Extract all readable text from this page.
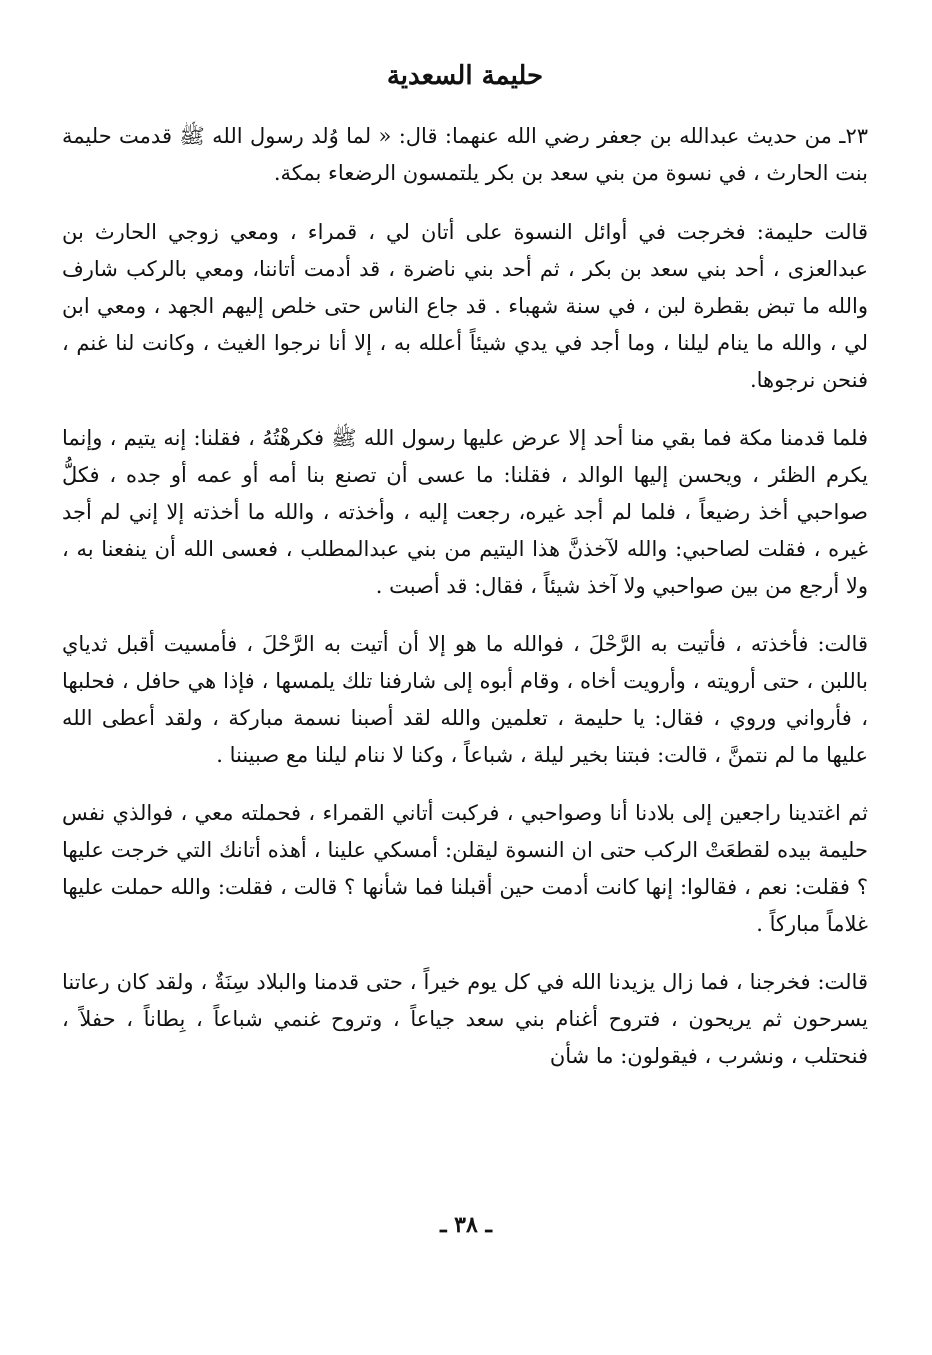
حليمة السعدية

٢٣ـ من حديث عبدالله بن جعفر رضي الله عنهما: قال: « لما وُلد رسول الله ﷺ قدمت حليمة بنت الحارث ، في نسوة من بني سعد بن بكر يلتمسون الرضعاء بمكة.

قالت حليمة: فخرجت في أوائل النسوة على أتان لي ، قمراء ، ومعي زوجي الحارث بن عبدالعزى ، أحد بني سعد بن بكر ، ثم أحد بني ناضرة ، قد أدمت أتاننا، ومعي بالركب شارف والله ما تبض بقطرة لبن ، في سنة شهباء . قد جاع الناس حتى خلص إليهم الجهد ، ومعي ابن لي ، والله ما ينام ليلنا ، وما أجد في يدي شيئاً أعلله به ، إلا أنا نرجوا الغيث ، وكانت لنا غنم ، فنحن نرجوها.

فلما قدمنا مكة فما بقي منا أحد إلا عرض عليها رسول الله ﷺ فكرهْتُهُ ، فقلنا: إنه يتيم ، وإنما يكرم الظئر ، ويحسن إليها الوالد ، فقلنا: ما عسى أن تصنع بنا أمه أو عمه أو جده ، فكلُّ صواحبي أخذ رضيعاً ، فلما لم أجد غيره، رجعت إليه ، وأخذته ، والله ما أخذته إلا إني لم أجد غيره ، فقلت لصاحبي: والله لآخذنَّ هذا اليتيم من بني عبدالمطلب ، فعسى الله أن ينفعنا به ، ولا أرجع من بين صواحبي ولا آخذ شيئاً ، فقال: قد أصبت .

قالت: فأخذته ، فأتيت به الرَّحْلَ ، فوالله ما هو إلا أن أتيت به الرَّحْلَ ، فأمسيت أقبل ثدياي باللبن ، حتى أرويته ، وأرويت أخاه ، وقام أبوه إلى شارفنا تلك يلمسها ، فإذا هي حافل ، فحلبها ، فأرواني وروي ، فقال: يا حليمة ، تعلمين والله لقد أصبنا نسمة مباركة ، ولقد أعطى الله عليها ما لم نتمنَّ ، قالت: فبتنا بخير ليلة ، شباعاً ، وكنا لا ننام ليلنا مع صبيننا .

ثم اغتدينا راجعين إلى بلادنا أنا وصواحبي ، فركبت أتاني القمراء ، فحملته معي ، فوالذي نفس حليمة بيده لقطعَتْ الركب حتى ان النسوة ليقلن: أمسكي علينا ، أهذه أتانك التي خرجت عليها ؟ فقلت: نعم ، فقالوا: إنها كانت أدمت حين أقبلنا فما شأنها ؟ قالت ، فقلت: والله حملت عليها غلاماً مباركاً .

قالت: فخرجنا ، فما زال يزيدنا الله في كل يوم خيراً ، حتى قدمنا والبلاد سِنَةٌ ، ولقد كان رعاتنا يسرحون ثم يريحون ، فتروح أغنام بني سعد جياعاً ، وتروح غنمي شباعاً ، بِطاناً ، حفلاً ، فنحتلب ، ونشرب ، فيقولون: ما شأن

ـ ٣٨ ـ
